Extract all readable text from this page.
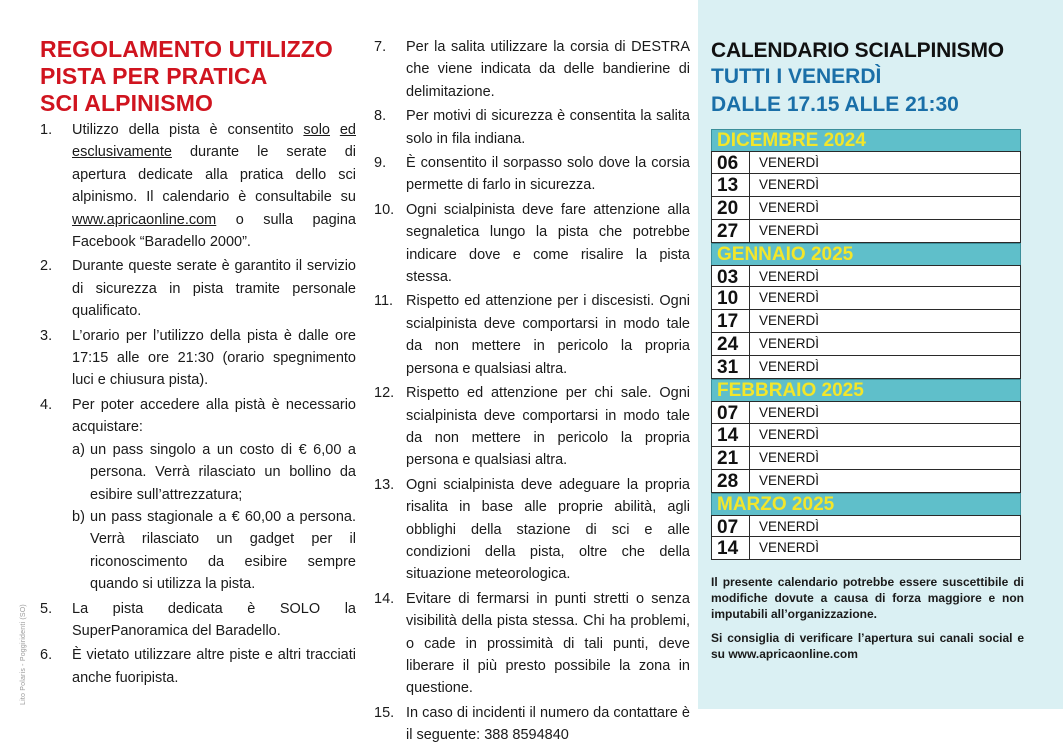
Lito Polaris - Poggiridenti (SO)
REGOLAMENTO UTILIZZO
PISTA PER PRATICA
SCI ALPINISMO
1.	Utilizzo della pista è consentito solo ed esclusivamente durante le serate di apertura dedicate alla pratica dello sci alpinismo. Il calendario è consultabile su www.apricaonline.com o sulla pagina Facebook “Baradello 2000”.
2.	Durante queste serate è garantito il servizio di sicurezza in pista tramite personale qualificato.
3.	L’orario per l’utilizzo della pista è dalle ore 17:15 alle ore 21:30 (orario spegnimento luci e chiusura pista).
4.	Per poter accedere alla pistà è necessario acquistare:
a) un pass singolo a un costo di € 6,00 a persona. Verrà rilasciato un bollino da esibire sull’attrezzatura;
b) un pass stagionale a € 60,00 a persona. Verrà rilasciato un gadget per il riconoscimento da esibire sempre quando si utilizza la pista.
5.	La pista dedicata è SOLO la SuperPanoramica del Baradello.
6.	È vietato utilizzare altre piste e altri tracciati anche fuoripista.
7.	Per la salita utilizzare la corsia di DESTRA che viene indicata da delle bandierine di delimitazione.
8.	Per motivi di sicurezza è consentita la salita solo in fila indiana.
9.	È consentito il sorpasso solo dove la corsia permette di farlo in sicurezza.
10. Ogni scialpinista deve fare attenzione alla segnaletica lungo la pista che potrebbe indicare dove e come risalire la pista stessa.
11. Rispetto ed attenzione per i discesisti. Ogni scialpinista deve comportarsi in modo tale da non mettere in pericolo la propria persona e qualsiasi altra.
12. Rispetto ed attenzione per chi sale. Ogni scialpinista deve comportarsi in modo tale da non mettere in pericolo la propria persona e qualsiasi altra.
13. Ogni scialpinista deve adeguare la propria risalita in base alle proprie abilità, agli obblighi della stazione di sci e alle condizioni della pista, oltre che della situazione meteorologica.
14. Evitare di fermarsi in punti stretti o senza visibilità della pista stessa. Chi ha problemi, o cade in prossimità di tali punti, deve liberare il più presto possibile la zona in questione.
15. In caso di incidenti il numero da contattare è il seguente: 388 8594840
CALENDARIO SCIALPINISMO
TUTTI I VENERDÌ
DALLE 17.15 ALLE 21:30
DICEMBRE 2024
06	VENERDÌ
13	VENERDÌ
20	VENERDÌ
27	VENERDÌ
GENNAIO 2025
03	VENERDÌ
10	VENERDÌ
17	VENERDÌ
24	VENERDÌ
31	VENERDÌ
FEBBRAIO 2025
07	VENERDÌ
14	VENERDÌ
21	VENERDÌ
28	VENERDÌ
MARZO 2025
07	VENERDÌ
14	VENERDÌ
Il presente calendario potrebbe essere suscettibile di modifiche dovute a causa di forza maggiore e non imputabili all’organizzazione.
Si consiglia di verificare l’apertura sui canali social e su www.apricaonline.com
